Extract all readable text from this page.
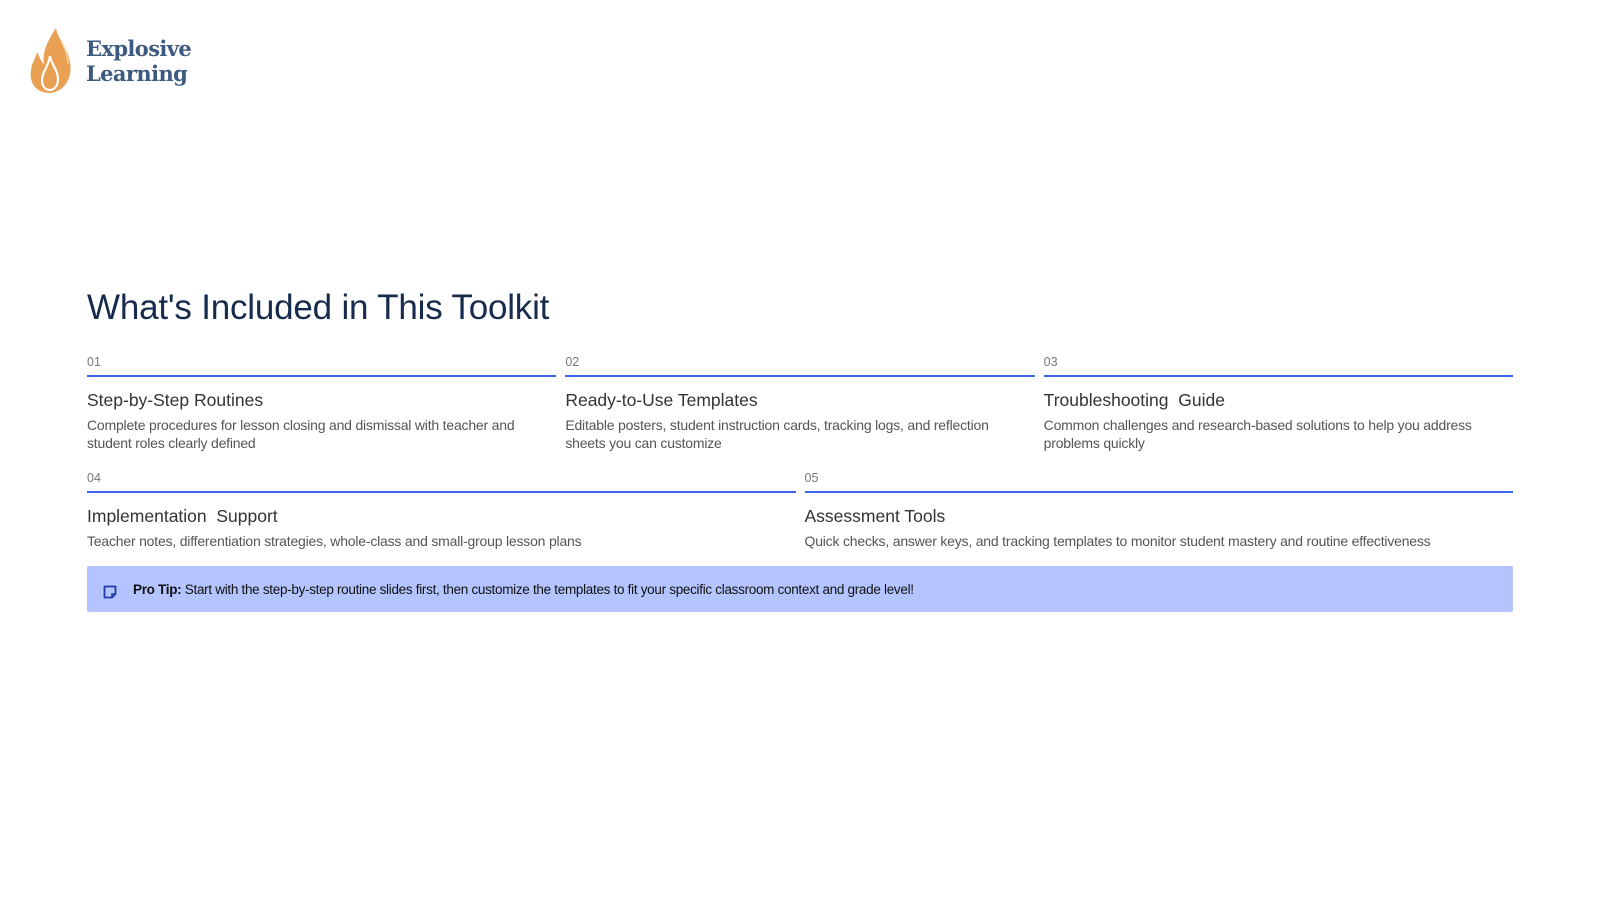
Explosive
Learning
What's Included in This Toolkit
01
Step-by-Step Routines
Complete procedures for lesson closing and dismissal with teacher and student roles clearly defined
02
Ready-to-Use Templates
Editable posters, student instruction cards, tracking logs, and reflection sheets you can customize
03
Troubleshooting  Guide
Common challenges and research-based solutions to help you address problems quickly
04
Implementation  Support
Teacher notes, differentiation strategies, whole-class and small-group lesson plans
05
Assessment Tools
Quick checks, answer keys, and tracking templates to monitor student mastery and routine effectiveness
Pro Tip: Start with the step-by-step routine slides first, then customize the templates to fit your specific classroom context and grade level!
